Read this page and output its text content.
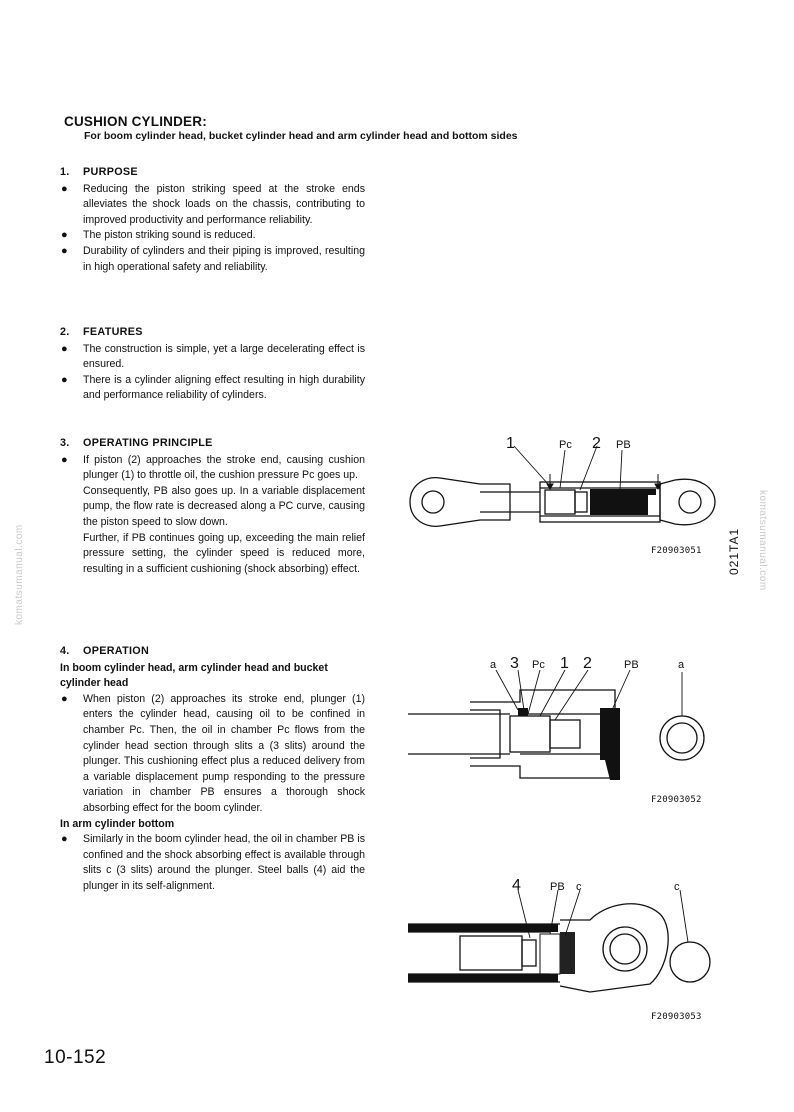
CUSHION CYLINDER:
For boom cylinder head, bucket cylinder head and arm cylinder head and bottom sides
1. PURPOSE
● Reducing the piston striking speed at the stroke ends alleviates the shock loads on the chassis, contributing to improved productivity and performance reliability.
● The piston striking sound is reduced.
● Durability of cylinders and their piping is improved, resulting in high operational safety and reliability.
2. FEATURES
● The construction is simple, yet a large decelerating effect is ensured.
● There is a cylinder aligning effect resulting in high durability and performance reliability of cylinders.
3. OPERATING PRINCIPLE
● If piston (2) approaches the stroke end, causing cushion plunger (1) to throttle oil, the cushion pressure Pc goes up.
Consequently, PB also goes up. In a variable displacement pump, the flow rate is decreased along a PC curve, causing the piston speed to slow down.
Further, if PB continues going up, exceeding the main relief pressure setting, the cylinder speed is reduced more, resulting in a sufficient cushioning (shock absorbing) effect.
4. OPERATION
In boom cylinder head, arm cylinder head and bucket cylinder head
● When piston (2) approaches its stroke end, plunger (1) enters the cylinder head, causing oil to be confined in chamber Pc. Then, the oil in chamber Pc flows from the cylinder head section through slits a (3 slits) around the plunger. This cushioning effect plus a reduced delivery from a variable displacement pump responding to the pressure variation in chamber PB ensures a thorough shock absorbing effect for the boom cylinder.
In arm cylinder bottom
● Similarly in the boom cylinder head, the oil in chamber PB is confined and the shock absorbing effect is available through slits c (3 slits) around the plunger. Steel balls (4) aid the plunger in its self-alignment.
1	Pc 2 PB
F20903051
a 3 Pc 1 2	PB	a
F20903052
4	PB c	c
F20903053
021TA1
10-152
komatsumanual.com	komatsumanual.com
